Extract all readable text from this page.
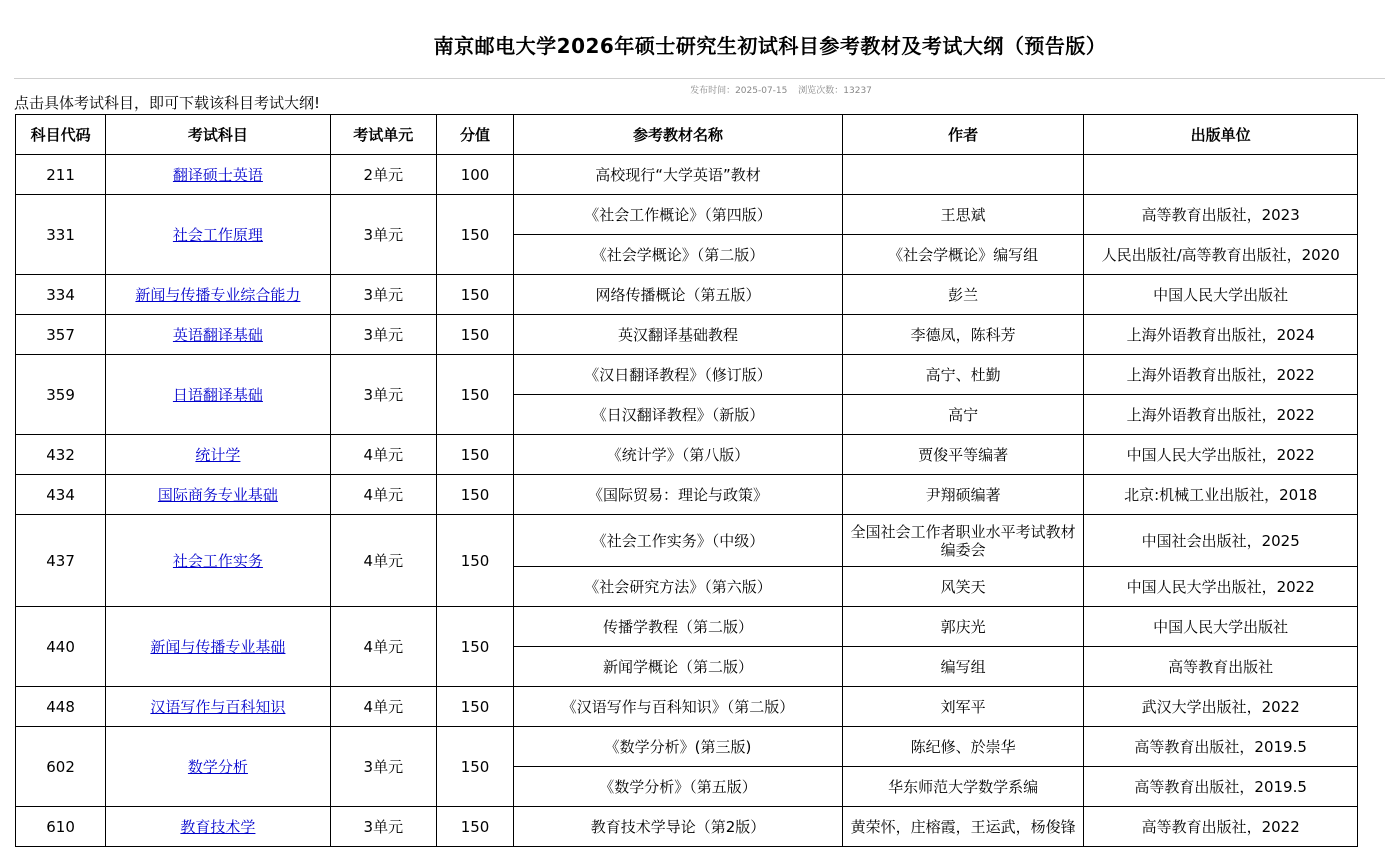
南京邮电大学2026年硕士研究生初试科目参考教材及考试大纲（预告版）
发布时间：2025-07-15 浏览次数：13237
点击具体考试科目，即可下载该科目考试大纲!
科目代码	考试科目	考试单元	分值	参考教材名称	作者	出版单位
211	翻译硕士英语	2单元	100	高校现行“大学英语”教材		
331	社会工作原理	3单元	150	《社会工作概论》（第四版）	王思斌	高等教育出版社，2023
				《社会学概论》（第二版）	《社会学概论》编写组	人民出版社/高等教育出版社，2020
334	新闻与传播专业综合能力	3单元	150	网络传播概论（第五版）	彭兰	中国人民大学出版社
357	英语翻译基础	3单元	150	英汉翻译基础教程	李德凤，陈科芳	上海外语教育出版社，2024
359	日语翻译基础	3单元	150	《汉日翻译教程》（修订版）	高宁、杜勤	上海外语教育出版社，2022
				《日汉翻译教程》（新版）	高宁	上海外语教育出版社，2022
432	统计学	4单元	150	《统计学》（第八版）	贾俊平等编著	中国人民大学出版社，2022
434	国际商务专业基础	4单元	150	《国际贸易：理论与政策》	尹翔硕编著	北京:机械工业出版社，2018
437	社会工作实务	4单元	150	《社会工作实务》（中级）	全国社会工作者职业水平考试教材编委会	中国社会出版社，2025
				《社会研究方法》（第六版）	风笑天	中国人民大学出版社，2022
440	新闻与传播专业基础	4单元	150	传播学教程（第二版）	郭庆光	中国人民大学出版社
				新闻学概论（第二版）	编写组	高等教育出版社
448	汉语写作与百科知识	4单元	150	《汉语写作与百科知识》（第二版）	刘军平	武汉大学出版社，2022
602	数学分析	3单元	150	《数学分析》(第三版)	陈纪修、於崇华	高等教育出版社，2019.5
				《数学分析》（第五版）	华东师范大学数学系编	高等教育出版社，2019.5
610	教育技术学	3单元	150	教育技术学导论（第2版）	黄荣怀，庄榕霞，王运武，杨俊锋	高等教育出版社，2022
